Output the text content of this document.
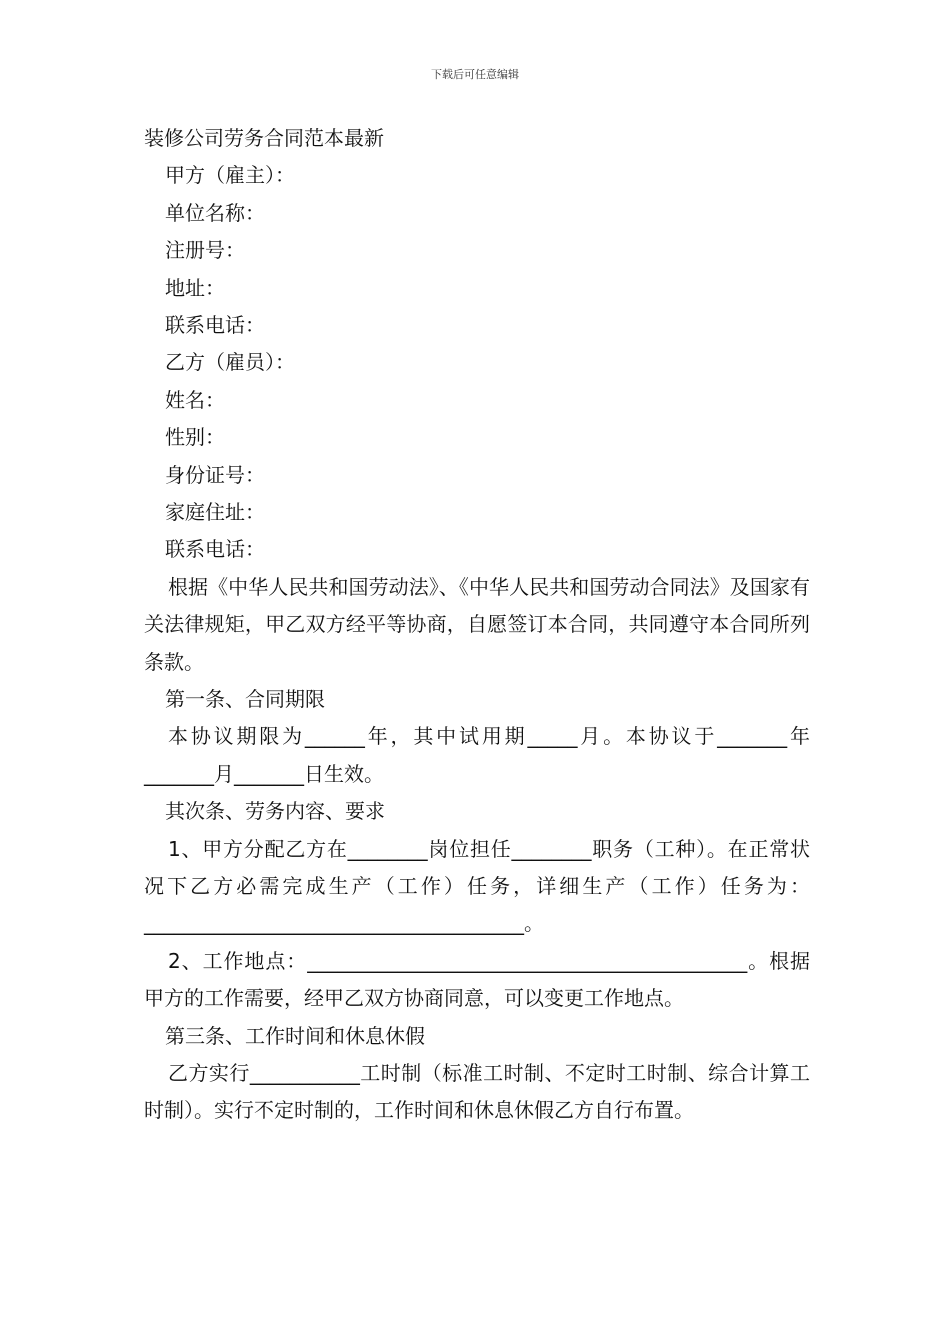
下载后可任意编辑
装修公司劳务合同范本最新
甲方（雇主）：
单位名称：
注册号：
地址：
联系电话：
乙方（雇员）：
姓名：
性别：
身份证号：
家庭住址：
联系电话：
根据《中华人民共和国劳动法》、《中华人民共和国劳动合同法》及国家有关法律规矩，甲乙双方经平等协商，自愿签订本合同，共同遵守本合同所列条款。
第一条、合同期限
本协议期限为______年，其中试用期_____月。本协议于_______年_______月_______日生效。
其次条、劳务内容、要求
1、甲方分配乙方在________岗位担任________职务（工种）。在正常状况下乙方必需完成生产（工作）任务，详细生产（工作）任务为：______________________________________。
2、工作地点：____________________________________________。根据甲方的工作需要，经甲乙双方协商同意，可以变更工作地点。
第三条、工作时间和休息休假
乙方实行___________工时制（标准工时制、不定时工时制、综合计算工时制）。实行不定时制的，工作时间和休息休假乙方自行布置。
